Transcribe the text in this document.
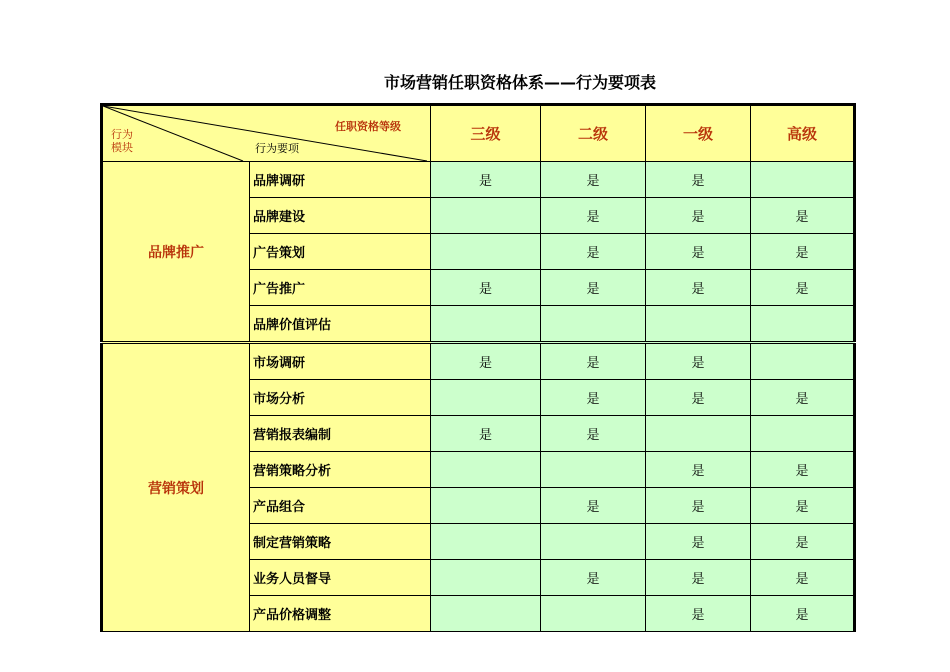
市场营销任职资格体系——行为要项表
任职资格等级
行为
模块 行为要项		三级	二级	一级	高级
品牌推广	品牌调研	是	是	是	
	品牌建设		是	是	是
	广告策划		是	是	是
	广告推广	是	是	是	是
	品牌价值评估				
营销策划	市场调研	是	是	是	
	市场分析		是	是	是
	营销报表编制	是	是		
	营销策略分析			是	是
	产品组合		是	是	是
	制定营销策略			是	是
	业务人员督导		是	是	是
	产品价格调整			是	是
